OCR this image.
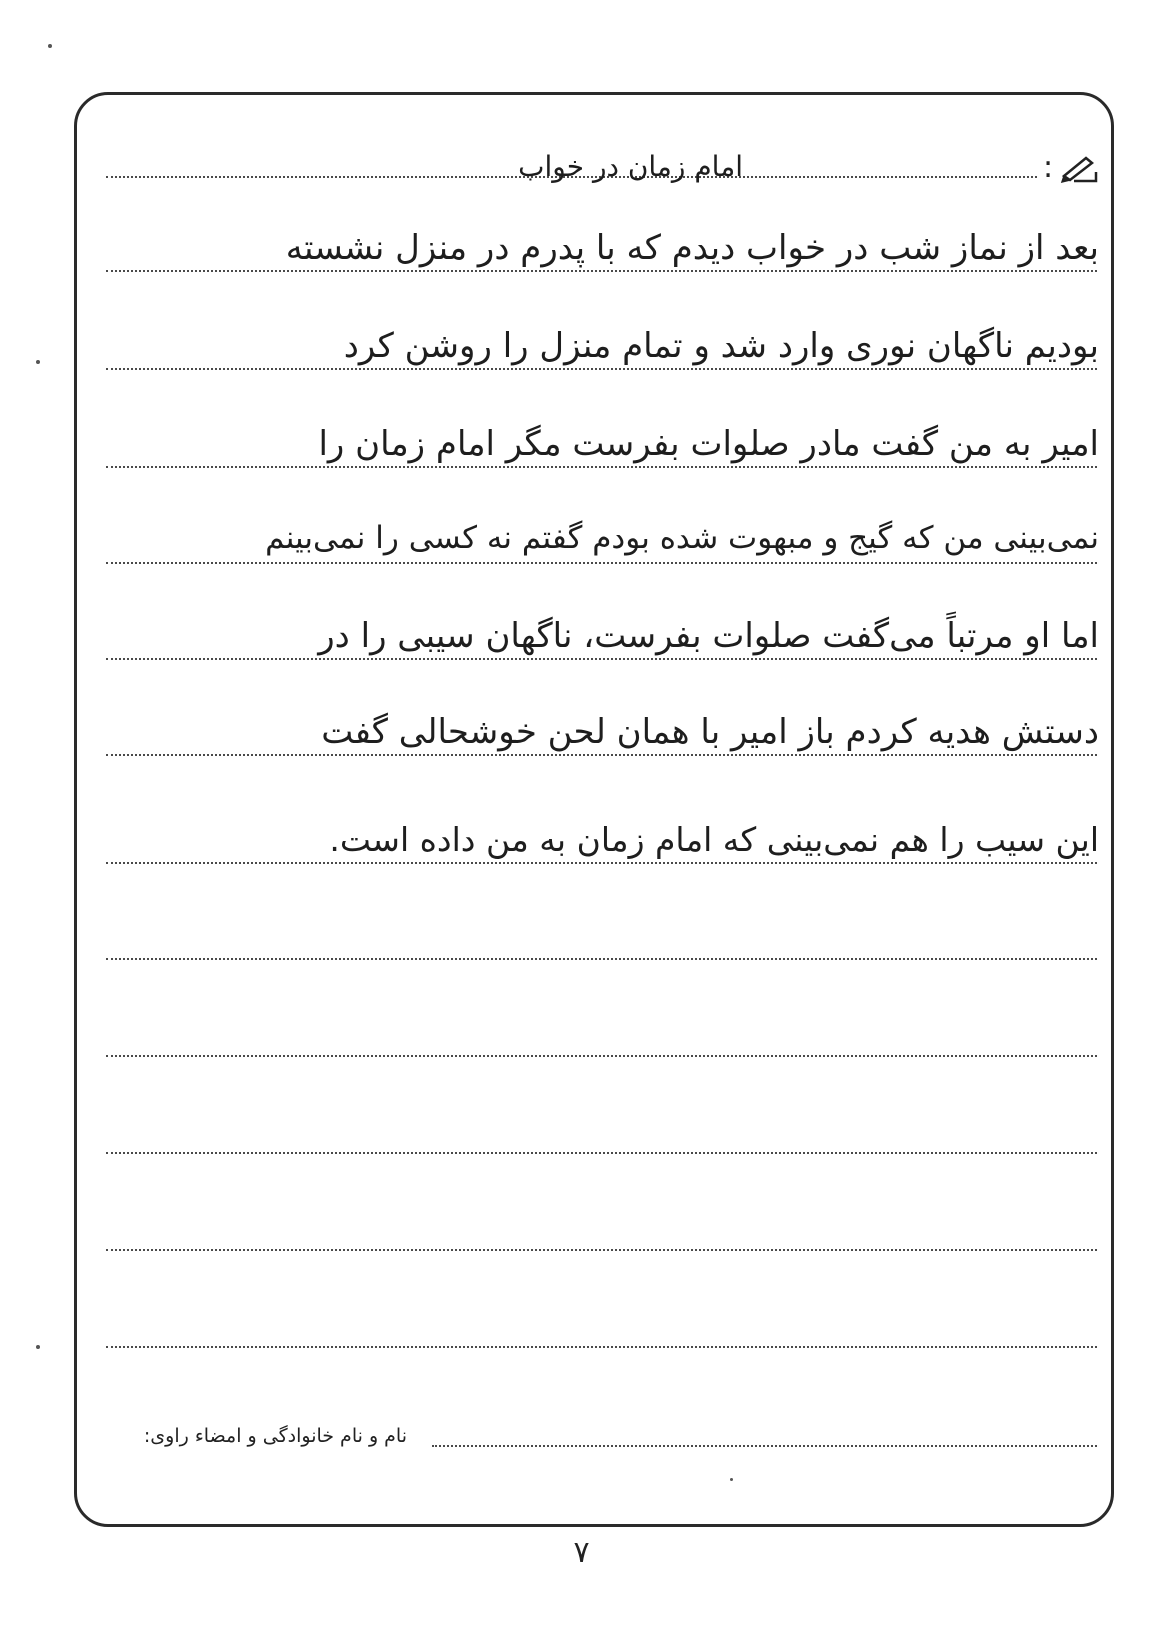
:
امام زمان در خواب
بعد از نماز شب در خواب دیدم که با پدرم در منزل نشسته
بودیم ناگهان نوری وارد شد و تمام منزل را روشن کرد
امیر به من گفت مادر صلوات بفرست مگر امام زمان را
نمی‌بینی من که گیج و مبهوت شده بودم گفتم نه کسی را نمی‌بینم
اما او مرتباً می‌گفت صلوات بفرست، ناگهان سیبی را در
دستش هدیه کردم باز امیر با همان لحن خوشحالی گفت
این سیب را هم نمی‌بینی که امام زمان به من داده است.
نام و نام خانوادگی و امضاء راوی:
۷
